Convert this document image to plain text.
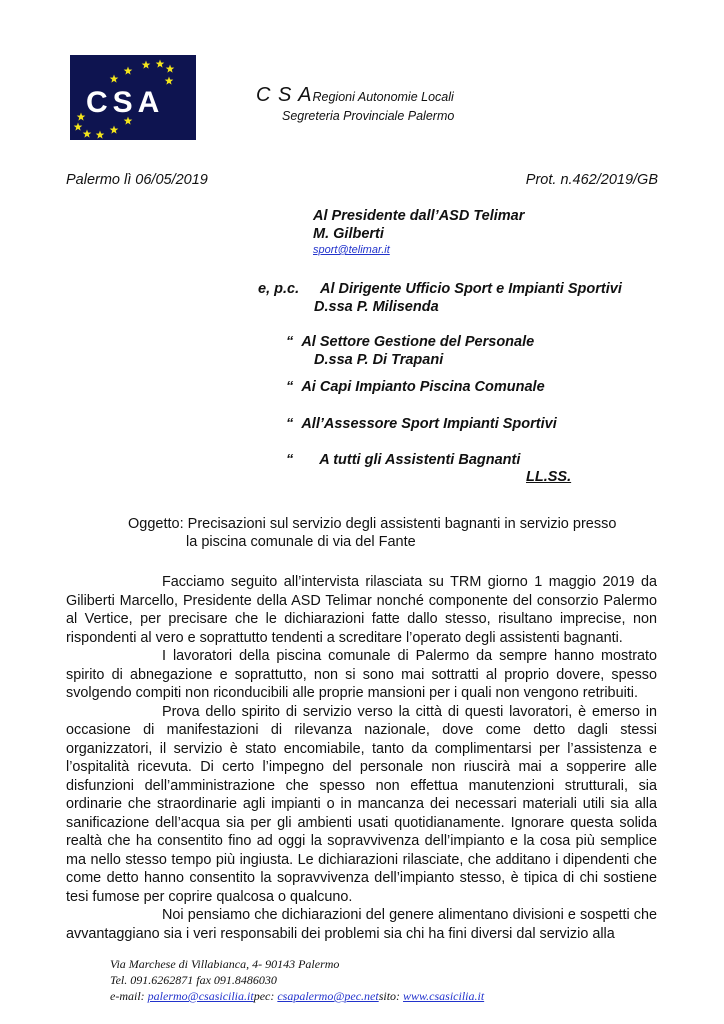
CSA	C S ARegioni Autonomie Locali
Segreteria Provinciale Palermo
Palermo lì 06/05/2019	Prot. n.462/2019/GB
Al Presidente dall’ASD Telimar
M. Gilberti
sport@telimar.it
e, p.c. Al Dirigente Ufficio Sport e Impianti Sportivi
D.ssa P. Milisenda
“ Al Settore Gestione del Personale
D.ssa P. Di Trapani
“ Ai Capi Impianto Piscina Comunale
“ All’Assessore Sport Impianti Sportivi
“ A tutti gli Assistenti Bagnanti
LL.SS.
Oggetto: Precisazioni sul servizio degli assistenti bagnanti in servizio presso
la piscina comunale di via del Fante

Facciamo seguito all’intervista rilasciata su TRM giorno 1 maggio 2019 da Giliberti Marcello, Presidente della ASD Telimar nonché componente del consorzio Palermo al Vertice, per precisare che le dichiarazioni fatte dallo stesso, risultano imprecise, non rispondenti al vero e soprattutto tendenti a screditare l’operato degli assistenti bagnanti.

I lavoratori della piscina comunale di Palermo da sempre hanno mostrato spirito di abnegazione e soprattutto, non si sono mai sottratti al proprio dovere, spesso svolgendo compiti non riconducibili alle proprie mansioni per i quali non vengono retribuiti.

Prova dello spirito di servizio verso la città di questi lavoratori, è emerso in occasione di manifestazioni di rilevanza nazionale, dove come detto dagli stessi organizzatori, il servizio è stato encomiabile, tanto da complimentarsi per l’assistenza e l’ospitalità ricevuta. Di certo l’impegno del personale non riuscirà mai a sopperire alle disfunzioni dell’amministrazione che spesso non effettua manutenzioni strutturali, sia ordinarie che straordinarie agli impianti o in mancanza dei necessari materiali utili sia alla sanificazione dell’acqua sia per gli ambienti usati quotidianamente. Ignorare questa solida realtà che ha consentito fino ad oggi la sopravvivenza dell’impianto e la cosa più semplice ma nello stesso tempo più ingiusta. Le dichiarazioni rilasciate, che additano i dipendenti che come detto hanno consentito la sopravvivenza dell’impianto stesso, è tipica di chi sostiene tesi fumose per coprire qualcosa o qualcuno.

Noi pensiamo che dichiarazioni del genere alimentano divisioni e sospetti che avvantaggiano sia i veri responsabili dei problemi sia chi ha fini diversi dal servizio alla

Via Marchese di Villabianca, 4- 90143 Palermo
Tel. 091.6262871 fax 091.8486030
e-mail: palermo@csasicilia.itpec: csapalermo@pec.netsito: www.csasicilia.it
